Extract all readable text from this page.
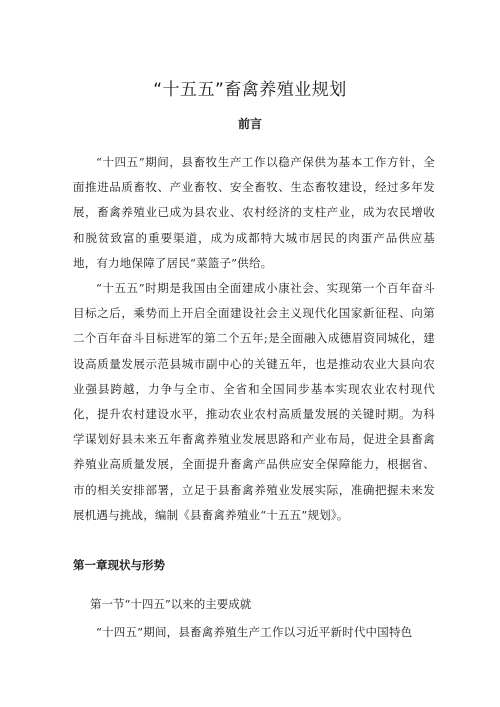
“十五五”畜禽养殖业规划
前言

“十四五”期间，县畜牧生产工作以稳产保供为基本工作方针，全面推进品质畜牧、产业畜牧、安全畜牧、生态畜牧建设，经过多年发展，畜禽养殖业已成为县农业、农村经济的支柱产业，成为农民增收和脱贫致富的重要渠道，成为成都特大城市居民的肉蛋产品供应基地，有力地保障了居民“菜篮子”供给。

“十五五”时期是我国由全面建成小康社会、实现第一个百年奋斗目标之后，乘势而上开启全面建设社会主义现代化国家新征程、向第二个百年奋斗目标进军的第二个五年;是全面融入成德眉资同城化，建设高质量发展示范县城市副中心的关键五年，也是推动农业大县向农业强县跨越，力争与全市、全省和全国同步基本实现农业农村现代化，提升农村建设水平，推动农业农村高质量发展的关键时期。为科学谋划好县未来五年畜禽养殖业发展思路和产业布局，促进全县畜禽养殖业高质量发展，全面提升畜禽产品供应安全保障能力，根据省、市的相关安排部署，立足于县畜禽养殖业发展实际，准确把握未来发展机遇与挑战，编制《县畜禽养殖业“十五五”规划》。

第一章现状与形势
第一节“十四五”以来的主要成就

“十四五”期间，县畜禽养殖生产工作以习近平新时代中国特色
